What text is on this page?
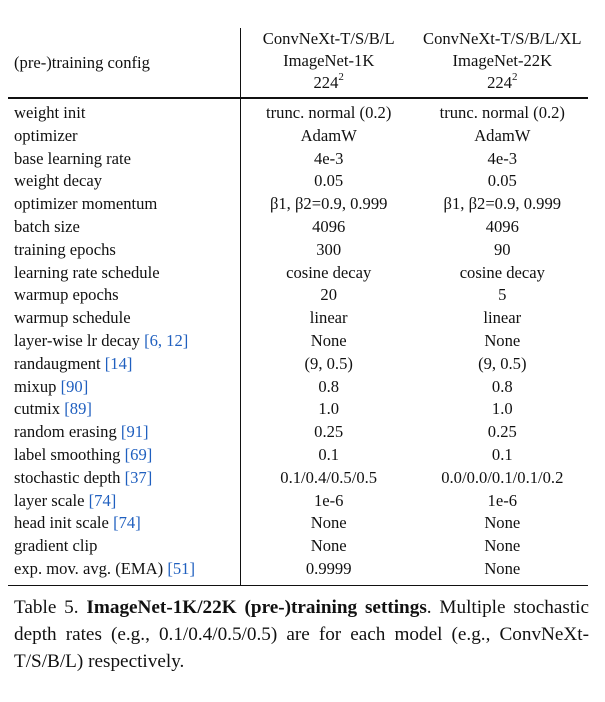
(pre-)training config	ConvNeXt-T/S/B/L	ConvNeXt-T/S/B/L/XL
	ImageNet-1K	ImageNet-22K
	$224^2$	$224^2$
weight init	trunc. normal (0.2)	trunc. normal (0.2)
optimizer	AdamW	AdamW
base learning rate	4e-3	4e-3
weight decay	0.05	0.05
optimizer momentum	β1, β2=0.9, 0.999	β1, β2=0.9, 0.999
batch size	4096	4096
training epochs	300	90
learning rate schedule	cosine decay	cosine decay
warmup epochs	20	5
warmup schedule	linear	linear
layer-wise lr decay [6, 12]	None	None
randaugment [14]	(9, 0.5)	(9, 0.5)
mixup [90]	0.8	0.8
cutmix [89]	1.0	1.0
random erasing [91]	0.25	0.25
label smoothing [69]	0.1	0.1
stochastic depth [37]	0.1/0.4/0.5/0.5	0.0/0.0/0.1/0.1/0.2
layer scale [74]	1e-6	1e-6
head init scale [74]	None	None
gradient clip	None	None
exp. mov. avg. (EMA) [51]	0.9999	None
Table 5. ImageNet-1K/22K (pre-)training settings. Multiple stochastic depth rates (e.g., 0.1/0.4/0.5/0.5) are for each model (e.g., ConvNeXt-T/S/B/L) respectively.
